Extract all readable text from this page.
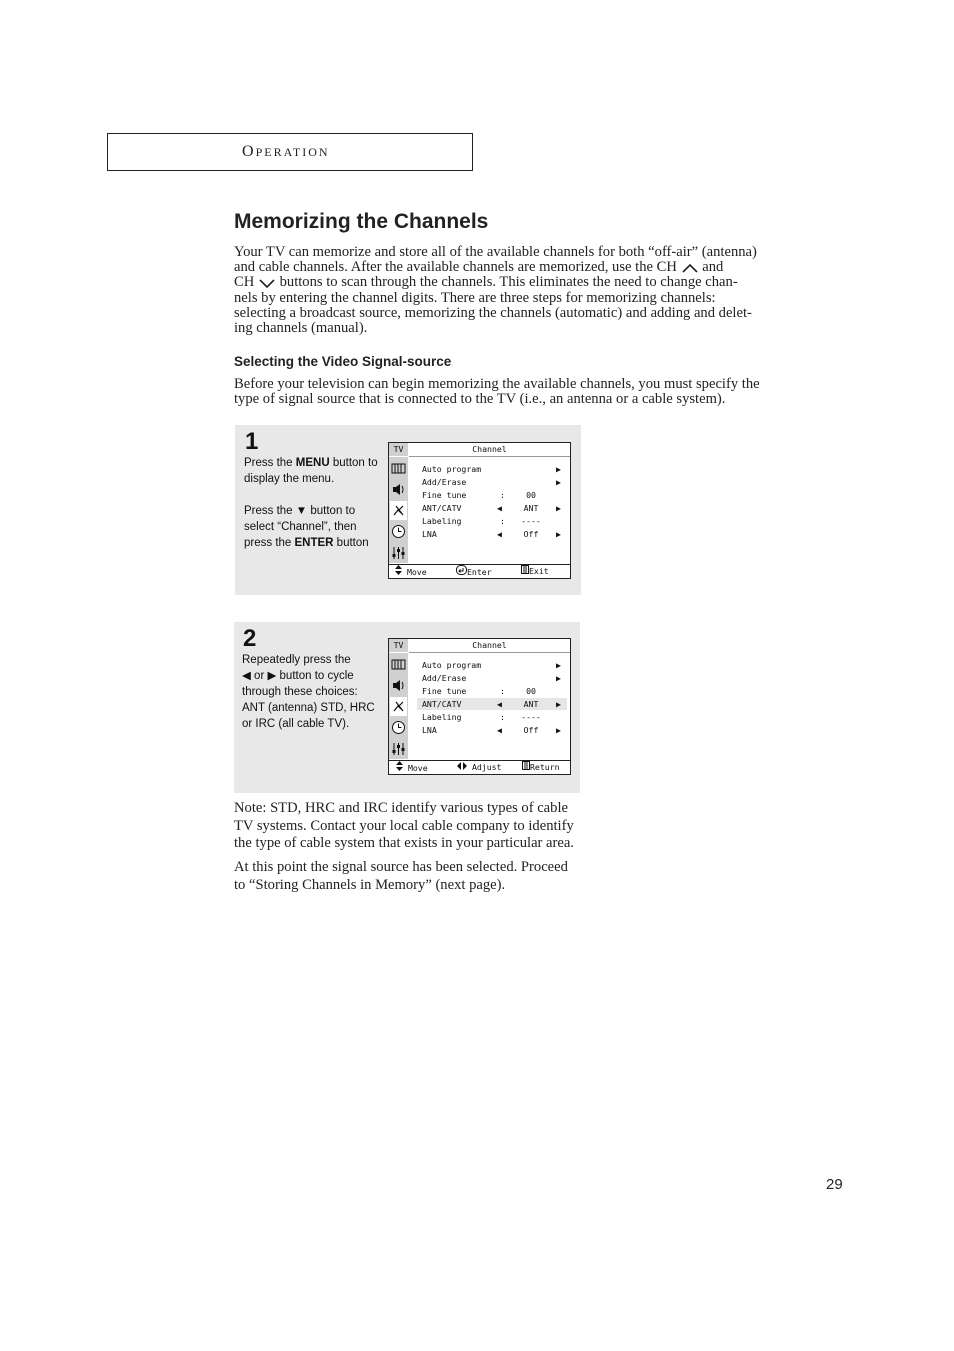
OPERATION
Memorizing the Channels
Your TV can memorize and store all of the available channels for both “off-air” (antenna)
and cable channels. After the available channels are memorized, use the CH and
CH buttons to scan through the channels. This eliminates the need to change chan-
nels by entering the channel digits. There are three steps for memorizing channels:
selecting a broadcast source, memorizing the channels (automatic) and adding and delet-
ing channels (manual).
Selecting the Video Signal-source
Before your television can begin memorizing the available channels, you must specify the
type of signal source that is connected to the TV (i.e., an antenna or a cable system).
1

Press the MENU button to

display the menu.

Press the ▼ button to

select “Channel”, then

press the ENTER button

TV	Channel
Auto program	▶
Add/Erase	▶
Fine tune	:	00
ANT/CATV	◀	ANT	▶
Labeling	:	----
LNA	◀	Off	▶
Move	Enter	Exit
2

Repeatedly press the

◀ or ▶ button to cycle

through these choices:

ANT (antenna) STD, HRC

or IRC (all cable TV).

TV	Channel
Auto program	▶
Add/Erase	▶
Fine tune	:	00
ANT/CATV	◀	ANT	▶
Labeling	:	----
LNA	◀	Off	▶
Move	Adjust	Return
Note: STD, HRC and IRC identify various types of cable
TV systems. Contact your local cable company to identify
the type of cable system that exists in your particular area.
At this point the signal source has been selected. Proceed
to “Storing Channels in Memory” (next page).
29
